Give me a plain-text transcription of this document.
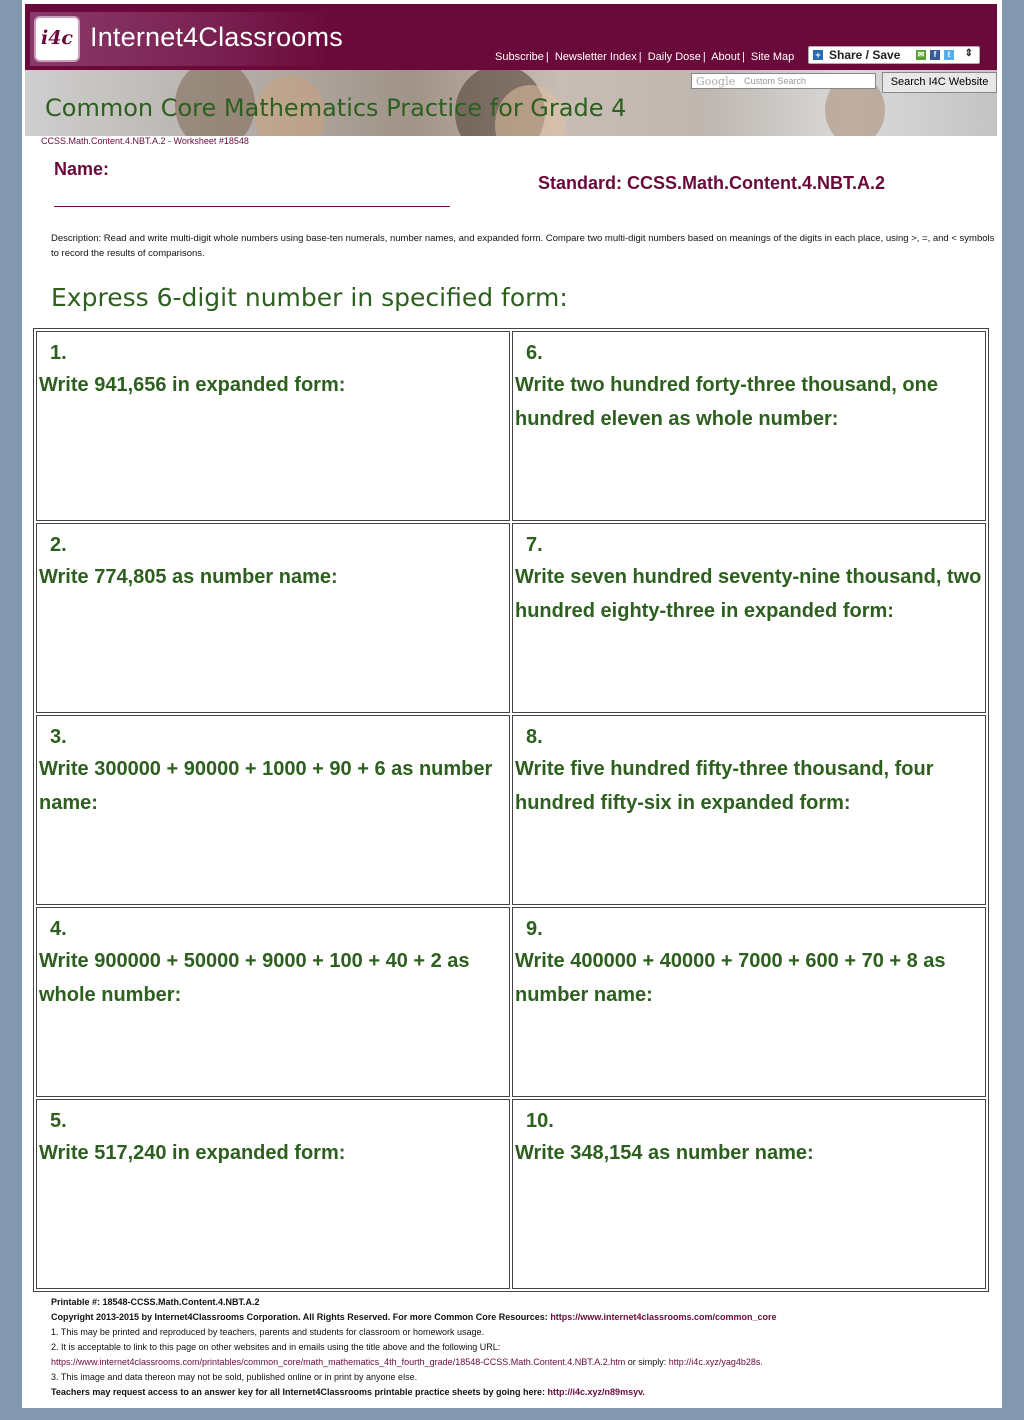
i4c Internet4Classrooms
Subscribe | Newsletter Index | Daily Dose | About | Site Map + Share / Save ✉	f	t	⇕
Google Custom Search	Search I4C Website
Common Core Mathematics Practice for Grade 4
CCSS.Math.Content.4.NBT.A.2 - Worksheet #18548
Name:
Standard: CCSS.Math.Content.4.NBT.A.2
Description: Read and write multi-digit whole numbers using base-ten numerals, number names, and expanded form. Compare two multi-digit numbers based on meanings of the digits in each place, using >, =, and < symbols to record the results of comparisons.
Express 6-digit number in specified form:
1.
Write 941,656 in expanded form:
6.
Write two hundred forty-three thousand, one hundred eleven as whole number:
2.
Write 774,805 as number name:
7.
Write seven hundred seventy-nine thousand, two hundred eighty-three in expanded form:
3.
Write 300000 + 90000 + 1000 + 90 + 6 as number name:
8.
Write five hundred fifty-three thousand, four hundred fifty-six in expanded form:
4.
Write 900000 + 50000 + 9000 + 100 + 40 + 2 as whole number:
9.
Write 400000 + 40000 + 7000 + 600 + 70 + 8 as number name:
5.
Write 517,240 in expanded form:
10.
Write 348,154 as number name:
Printable #: 18548-CCSS.Math.Content.4.NBT.A.2
Copyright 2013-2015 by Internet4Classrooms Corporation. All Rights Reserved. For more Common Core Resources: https://www.internet4classrooms.com/common_core
1. This may be printed and reproduced by teachers, parents and students for classroom or homework usage.
2. It is acceptable to link to this page on other websites and in emails using the title above and the following URL:
https://www.internet4classrooms.com/printables/common_core/math_mathematics_4th_fourth_grade/18548-CCSS.Math.Content.4.NBT.A.2.htm or simply: http://i4c.xyz/yag4b28s.
3. This image and data thereon may not be sold, published online or in print by anyone else.
Teachers may request access to an answer key for all Internet4Classrooms printable practice sheets by going here: http://i4c.xyz/n89msyv.
